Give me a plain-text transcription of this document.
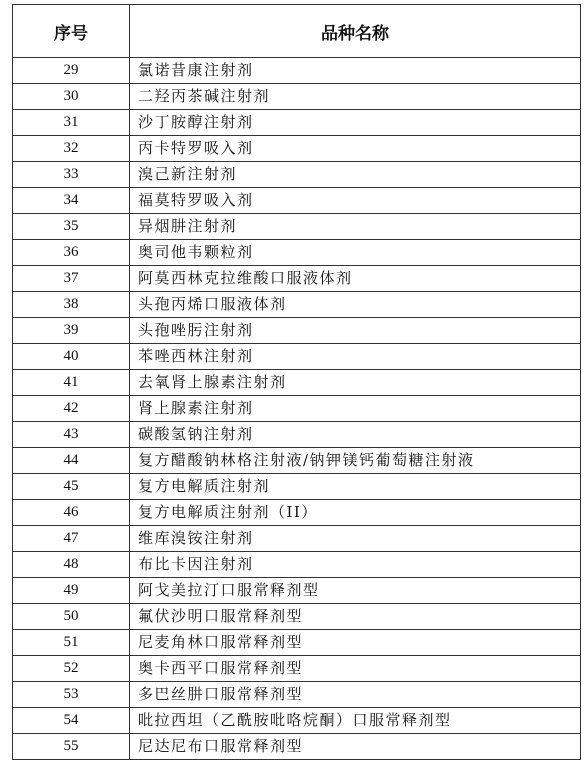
序号	品种名称
29	氯诺昔康注射剂
30	二羟丙茶碱注射剂
31	沙丁胺醇注射剂
32	丙卡特罗吸入剂
33	溴己新注射剂
34	福莫特罗吸入剂
35	异烟肼注射剂
36	奥司他韦颗粒剂
37	阿莫西林克拉维酸口服液体剂
38	头孢丙烯口服液体剂
39	头孢唑肟注射剂
40	苯唑西林注射剂
41	去氧肾上腺素注射剂
42	肾上腺素注射剂
43	碳酸氢钠注射剂
44	复方醋酸钠林格注射液/钠钾镁钙葡萄糖注射液
45	复方电解质注射剂
46	复方电解质注射剂（II）
47	维库溴铵注射剂
48	布比卡因注射剂
49	阿戈美拉汀口服常释剂型
50	氟伏沙明口服常释剂型
51	尼麦角林口服常释剂型
52	奥卡西平口服常释剂型
53	多巴丝肼口服常释剂型
54	吡拉西坦（乙酰胺吡咯烷酮）口服常释剂型
55	尼达尼布口服常释剂型
